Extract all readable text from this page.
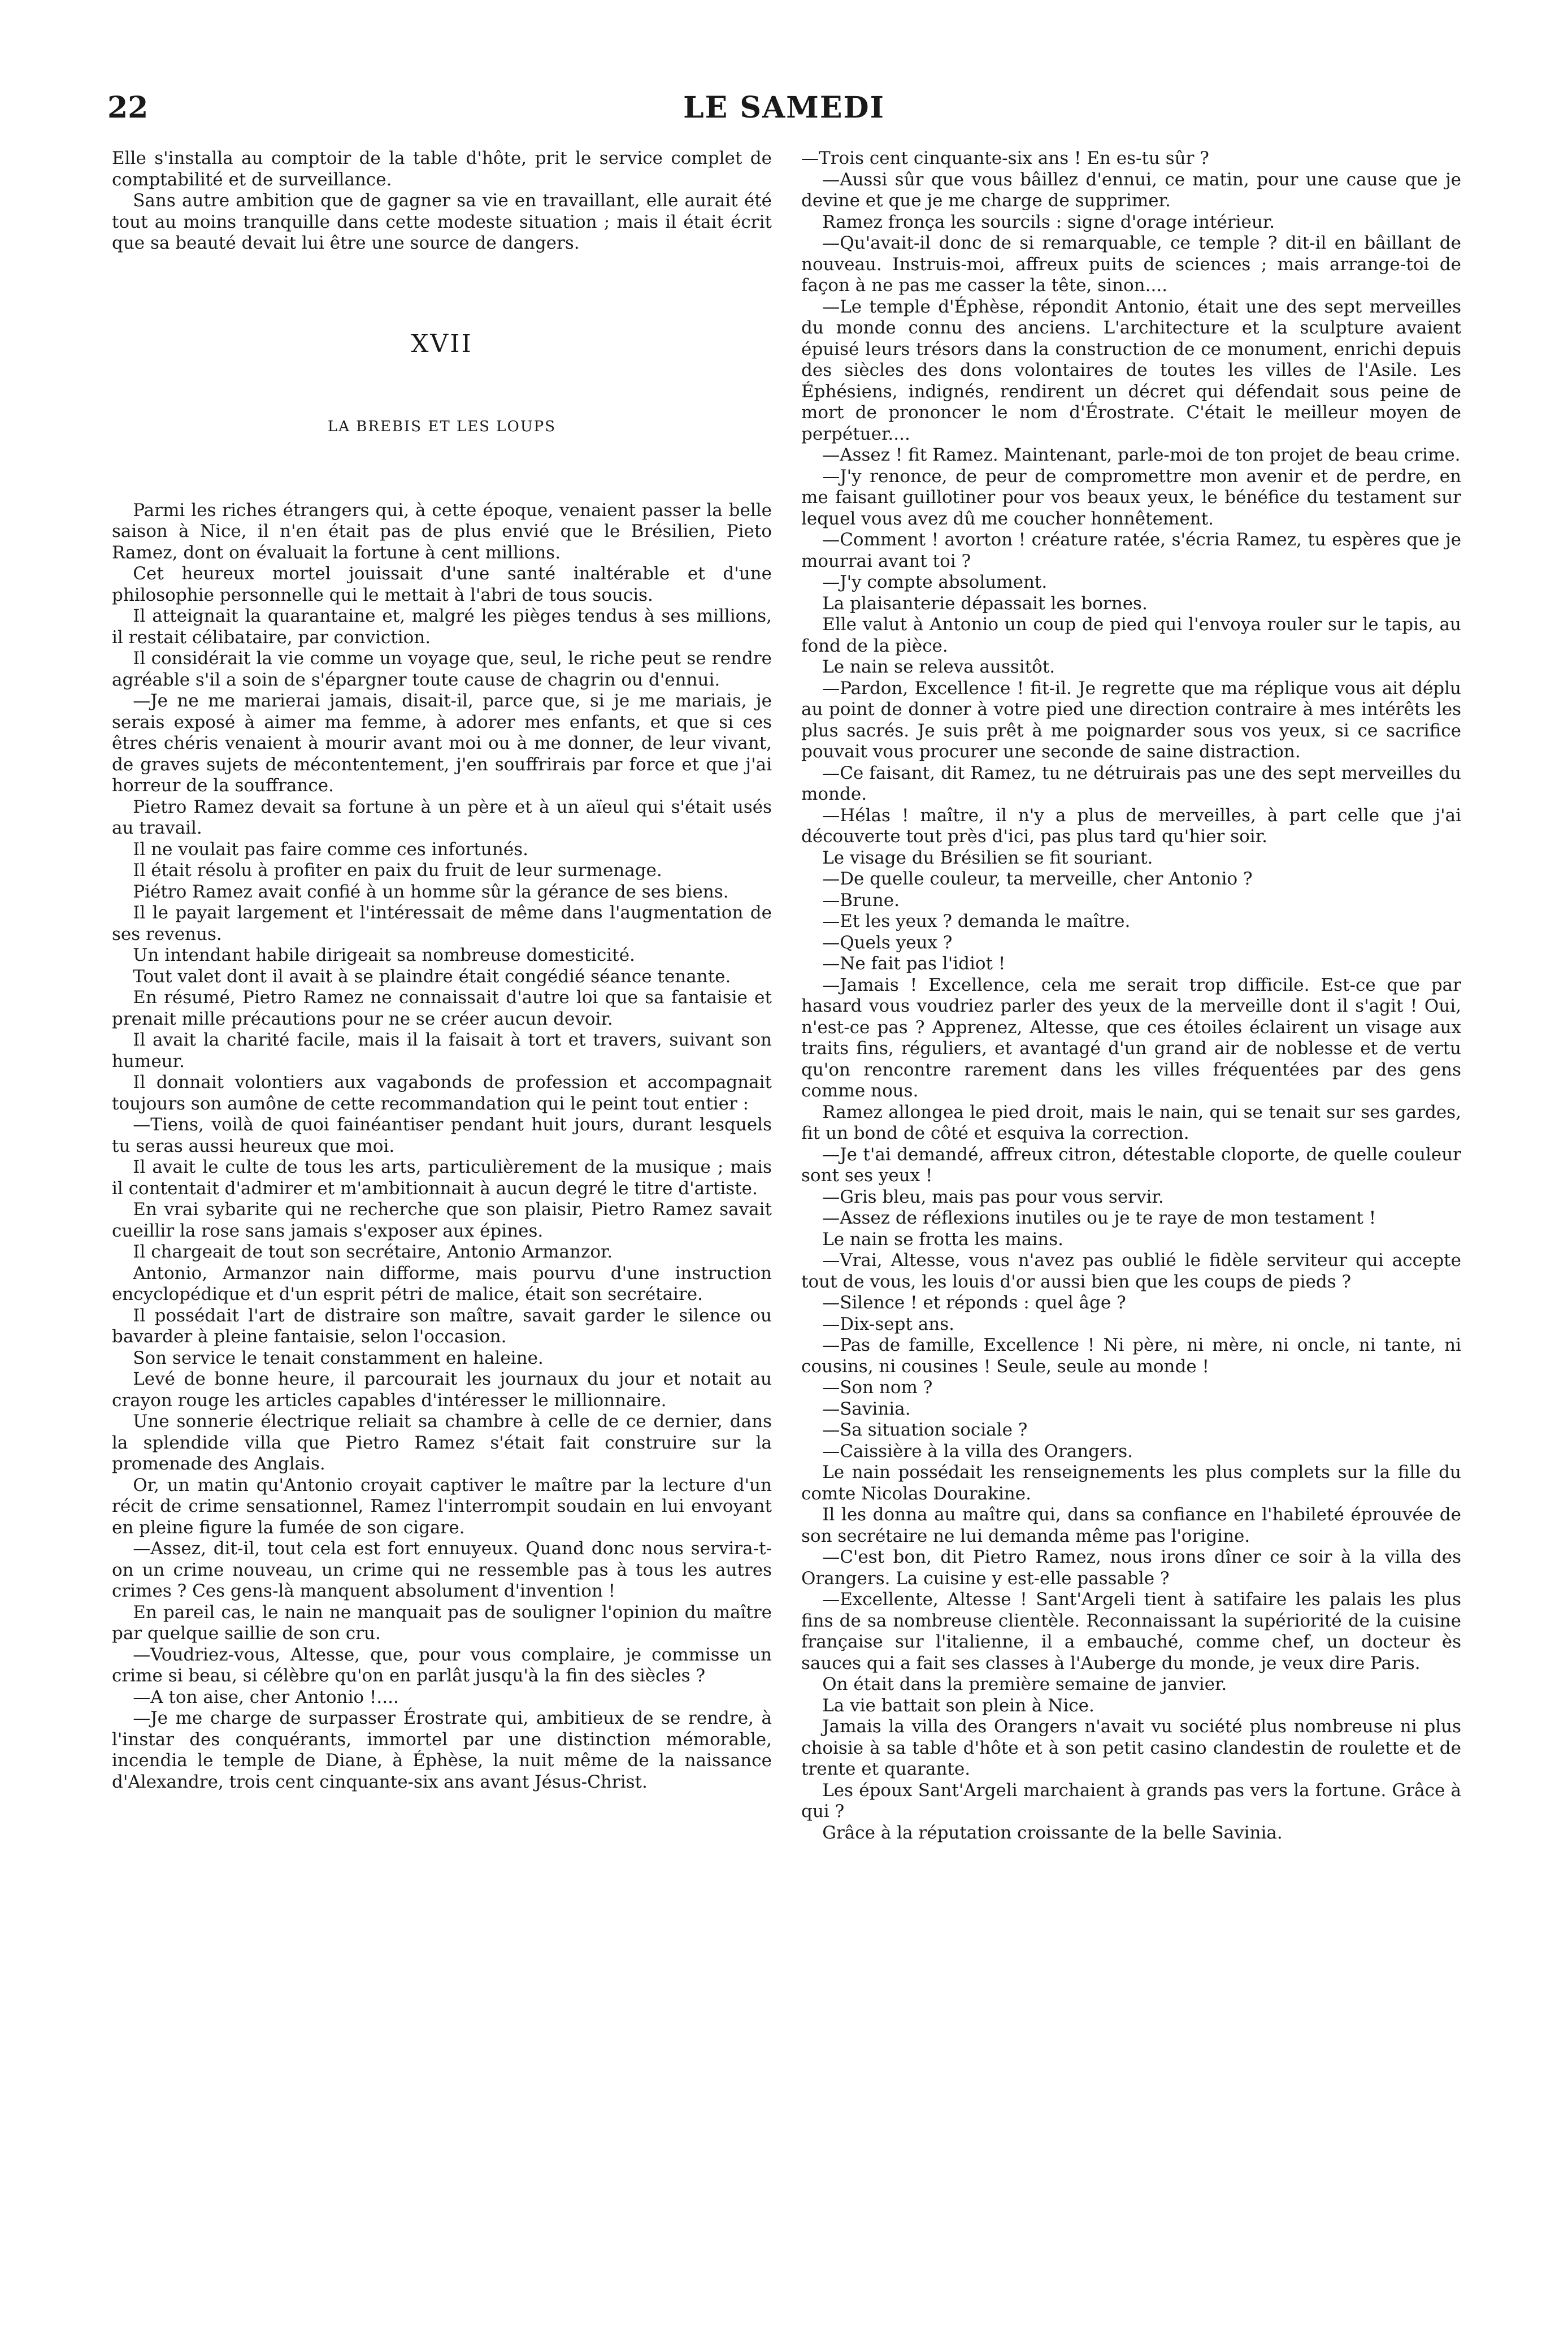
22	LE SAMEDI

Elle s'installa au comptoir de la table d'hôte, prit le service complet de comptabilité et de surveillance.

Sans autre ambition que de gagner sa vie en travaillant, elle aurait été tout au moins tranquille dans cette modeste situation ; mais il était écrit que sa beauté devait lui être une source de dangers.

XVII
LA BREBIS ET LES LOUPS

Parmi les riches étrangers qui, à cette époque, venaient passer la belle saison à Nice, il n'en était pas de plus envié que le Brésilien, Pieto Ramez, dont on évaluait la fortune à cent millions.

Cet heureux mortel jouissait d'une santé inaltérable et d'une philosophie personnelle qui le mettait à l'abri de tous soucis.

Il atteignait la quarantaine et, malgré les pièges tendus à ses millions, il restait célibataire, par conviction.

Il considérait la vie comme un voyage que, seul, le riche peut se rendre agréable s'il a soin de s'épargner toute cause de chagrin ou d'ennui.

—Je ne me marierai jamais, disait-il, parce que, si je me mariais, je serais exposé à aimer ma femme, à adorer mes enfants, et que si ces êtres chéris venaient à mourir avant moi ou à me donner, de leur vivant, de graves sujets de mécontentement, j'en souffrirais par force et que j'ai horreur de la souffrance.

Pietro Ramez devait sa fortune à un père et à un aïeul qui s'était usés au travail.

Il ne voulait pas faire comme ces infortunés.

Il était résolu à profiter en paix du fruit de leur surmenage.

Piétro Ramez avait confié à un homme sûr la gérance de ses biens.

Il le payait largement et l'intéressait de même dans l'augmentation de ses revenus.

Un intendant habile dirigeait sa nombreuse domesticité.

Tout valet dont il avait à se plaindre était congédié séance tenante.

En résumé, Pietro Ramez ne connaissait d'autre loi que sa fantaisie et prenait mille précautions pour ne se créer aucun devoir.

Il avait la charité facile, mais il la faisait à tort et travers, suivant son humeur.

Il donnait volontiers aux vagabonds de profession et accompagnait toujours son aumône de cette recommandation qui le peint tout entier :

—Tiens, voilà de quoi fainéantiser pendant huit jours, durant lesquels tu seras aussi heureux que moi.

Il avait le culte de tous les arts, particulièrement de la musique ; mais il contentait d'admirer et m'ambitionnait à aucun degré le titre d'artiste.

En vrai sybarite qui ne recherche que son plaisir, Pietro Ramez savait cueillir la rose sans jamais s'exposer aux épines.

Il chargeait de tout son secrétaire, Antonio Armanzor.

Antonio, Armanzor nain difforme, mais pourvu d'une instruction encyclopédique et d'un esprit pétri de malice, était son secrétaire.

Il possédait l'art de distraire son maître, savait garder le silence ou bavarder à pleine fantaisie, selon l'occasion.

Son service le tenait constamment en haleine.

Levé de bonne heure, il parcourait les journaux du jour et notait au crayon rouge les articles capables d'intéresser le millionnaire.

Une sonnerie électrique reliait sa chambre à celle de ce dernier, dans la splendide villa que Pietro Ramez s'était fait construire sur la promenade des Anglais.

Or, un matin qu'Antonio croyait captiver le maître par la lecture d'un récit de crime sensationnel, Ramez l'interrompit soudain en lui envoyant en pleine figure la fumée de son cigare.

—Assez, dit-il, tout cela est fort ennuyeux. Quand donc nous servira-t-on un crime nouveau, un crime qui ne ressemble pas à tous les autres crimes ? Ces gens-là manquent absolument d'invention !

En pareil cas, le nain ne manquait pas de souligner l'opinion du maître par quelque saillie de son cru.

—Voudriez-vous, Altesse, que, pour vous complaire, je commisse un crime si beau, si célèbre qu'on en parlât jusqu'à la fin des siècles ?

—A ton aise, cher Antonio !....

—Je me charge de surpasser Érostrate qui, ambitieux de se rendre, à l'instar des conquérants, immortel par une distinction mémorable, incendia le temple de Diane, à Éphèse, la nuit même de la naissance d'Alexandre, trois cent cinquante-six ans avant Jésus-Christ.

—Trois cent cinquante-six ans ! En es-tu sûr ?

—Aussi sûr que vous bâillez d'ennui, ce matin, pour une cause que je devine et que je me charge de supprimer.

Ramez fronça les sourcils : signe d'orage intérieur.

—Qu'avait-il donc de si remarquable, ce temple ? dit-il en bâillant de nouveau. Instruis-moi, affreux puits de sciences ; mais arrange-toi de façon à ne pas me casser la tête, sinon....

—Le temple d'Éphèse, répondit Antonio, était une des sept merveilles du monde connu des anciens. L'architecture et la sculpture avaient épuisé leurs trésors dans la construction de ce monument, enrichi depuis des siècles des dons volontaires de toutes les villes de l'Asile. Les Éphésiens, indignés, rendirent un décret qui défendait sous peine de mort de prononcer le nom d'Érostrate. C'était le meilleur moyen de perpétuer....

—Assez ! fit Ramez. Maintenant, parle-moi de ton projet de beau crime.

—J'y renonce, de peur de compromettre mon avenir et de perdre, en me faisant guillotiner pour vos beaux yeux, le bénéfice du testament sur lequel vous avez dû me coucher honnêtement.

—Comment ! avorton ! créature ratée, s'écria Ramez, tu espères que je mourrai avant toi ?

—J'y compte absolument.

La plaisanterie dépassait les bornes.

Elle valut à Antonio un coup de pied qui l'envoya rouler sur le tapis, au fond de la pièce.

Le nain se releva aussitôt.

—Pardon, Excellence ! fit-il. Je regrette que ma réplique vous ait déplu au point de donner à votre pied une direction contraire à mes intérêts les plus sacrés. Je suis prêt à me poignarder sous vos yeux, si ce sacrifice pouvait vous procurer une seconde de saine distraction.

—Ce faisant, dit Ramez, tu ne détruirais pas une des sept merveilles du monde.

—Hélas ! maître, il n'y a plus de merveilles, à part celle que j'ai découverte tout près d'ici, pas plus tard qu'hier soir.

Le visage du Brésilien se fit souriant.

—De quelle couleur, ta merveille, cher Antonio ?

—Brune.

—Et les yeux ? demanda le maître.

—Quels yeux ?

—Ne fait pas l'idiot !

—Jamais ! Excellence, cela me serait trop difficile. Est-ce que par hasard vous voudriez parler des yeux de la merveille dont il s'agit ! Oui, n'est-ce pas ? Apprenez, Altesse, que ces étoiles éclairent un visage aux traits fins, réguliers, et avantagé d'un grand air de noblesse et de vertu qu'on rencontre rarement dans les villes fréquentées par des gens comme nous.

Ramez allongea le pied droit, mais le nain, qui se tenait sur ses gardes, fit un bond de côté et esquiva la correction.

—Je t'ai demandé, affreux citron, détestable cloporte, de quelle couleur sont ses yeux !

—Gris bleu, mais pas pour vous servir.

—Assez de réflexions inutiles ou je te raye de mon testament !

Le nain se frotta les mains.

—Vrai, Altesse, vous n'avez pas oublié le fidèle serviteur qui accepte tout de vous, les louis d'or aussi bien que les coups de pieds ?

—Silence ! et réponds : quel âge ?

—Dix-sept ans.

—Pas de famille, Excellence ! Ni père, ni mère, ni oncle, ni tante, ni cousins, ni cousines ! Seule, seule au monde !

—Son nom ?

—Savinia.

—Sa situation sociale ?

—Caissière à la villa des Orangers.

Le nain possédait les renseignements les plus complets sur la fille du comte Nicolas Dourakine.

Il les donna au maître qui, dans sa confiance en l'habileté éprouvée de son secrétaire ne lui demanda même pas l'origine.

—C'est bon, dit Pietro Ramez, nous irons dîner ce soir à la villa des Orangers. La cuisine y est-elle passable ?

—Excellente, Altesse ! Sant'Argeli tient à satifaire les palais les plus fins de sa nombreuse clientèle. Reconnaissant la supériorité de la cuisine française sur l'italienne, il a embauché, comme chef, un docteur ès sauces qui a fait ses classes à l'Auberge du monde, je veux dire Paris.

On était dans la première semaine de janvier.

La vie battait son plein à Nice.

Jamais la villa des Orangers n'avait vu société plus nombreuse ni plus choisie à sa table d'hôte et à son petit casino clandestin de roulette et de trente et quarante.

Les époux Sant'Argeli marchaient à grands pas vers la fortune. Grâce à qui ?

Grâce à la réputation croissante de la belle Savinia.
